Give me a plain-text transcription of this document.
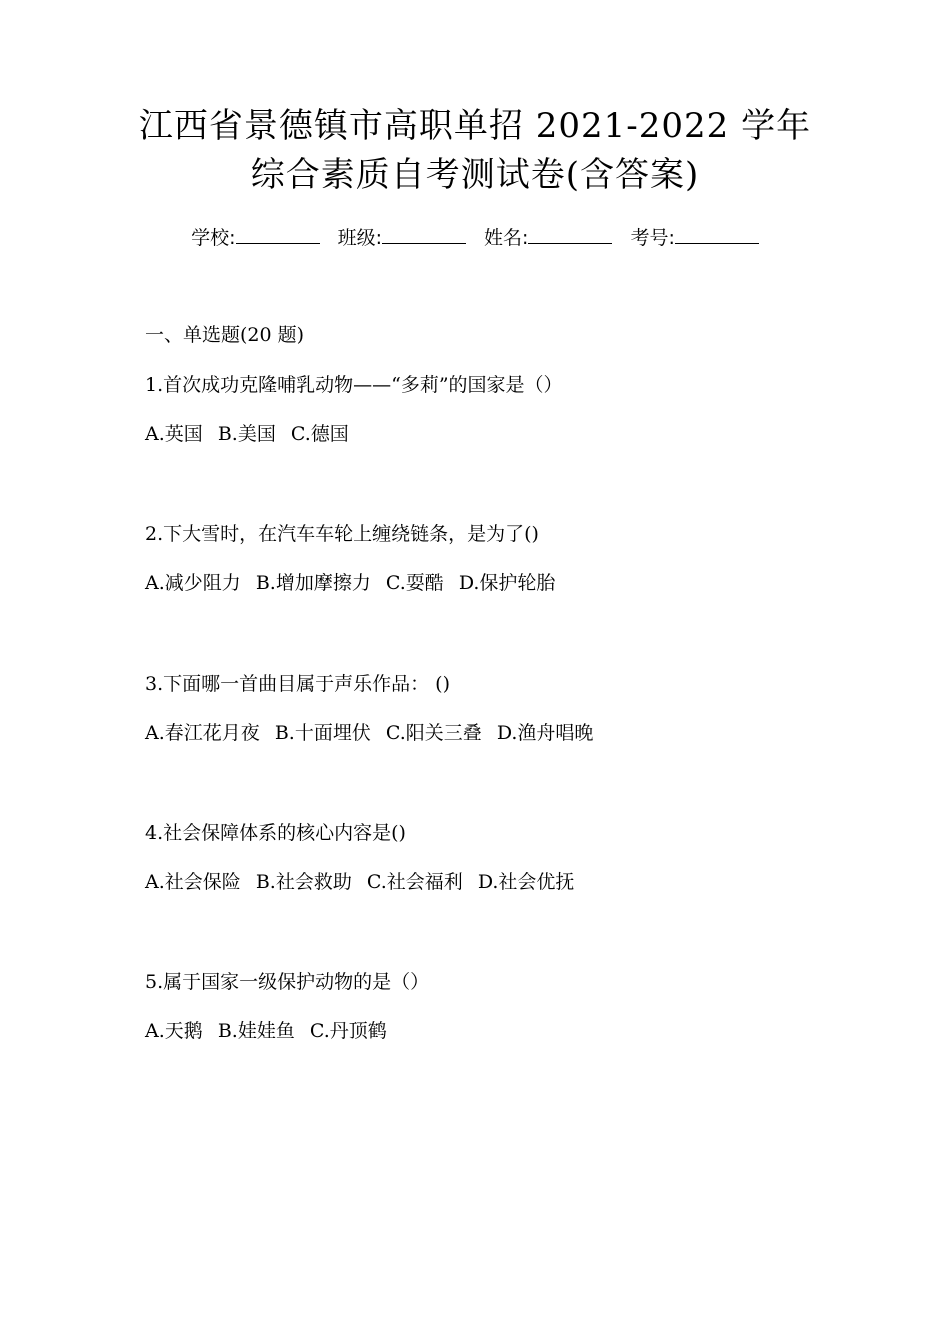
江西省景德镇市高职单招 2021-2022 学年
综合素质自考测试卷(含答案)
学校:	班级:	姓名:	考号:
一、单选题(20 题)
1.首次成功克隆哺乳动物——“多莉”的国家是（）
A.英国 B.美国 C.德国
2.下大雪时，在汽车车轮上缠绕链条，是为了()
A.减少阻力 B.增加摩擦力 C.耍酷 D.保护轮胎
3.下面哪一首曲目属于声乐作品： ()
A.春江花月夜 B.十面埋伏 C.阳关三叠 D.渔舟唱晚
4.社会保障体系的核心内容是()
A.社会保险 B.社会救助 C.社会福利 D.社会优抚
5.属于国家一级保护动物的是（）
A.天鹅 B.娃娃鱼 C.丹顶鹤
